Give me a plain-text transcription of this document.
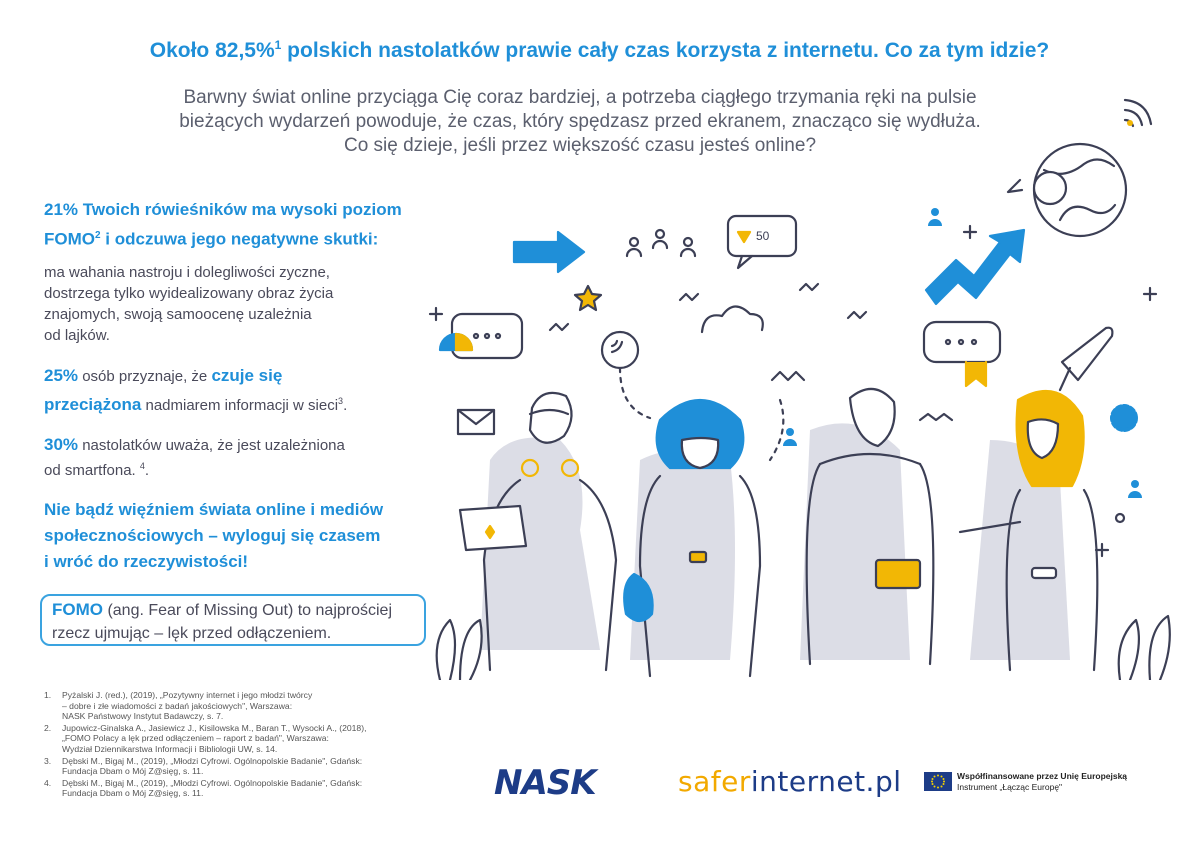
Około 82,5%$^1$ polskich nastolatków prawie cały czas korzysta z internetu. Co za tym idzie?
Barwny świat online przyciąga Cię coraz bardziej, a potrzeba ciągłego trzymania ręki na pulsie
bieżących wydarzeń powoduje, że czas, który spędzasz przed ekranem, znacząco się wydłuża.
Co się dzieje, jeśli przez większość czasu jesteś online?
21% Twoich rówieśników ma wysoki poziom
FOMO$^2$ i odczuwa jego negatywne skutki:
ma wahania nastroju i dolegliwości zyczne,
dostrzega tylko wyidealizowany obraz życia
znajomych, swoją samoocenę uzależnia
od lajków.
25% osób przyznaje, że czuje się
przeciążona nadmiarem informacji w sieci$^3$.
30% nastolatków uważa, że jest uzależniona
od smartfona. $^4$.
Nie bądź więźniem świata online i mediów
społecznościowych – wyloguj się czasem
i wróć do rzeczywistości!
FOMO (ang. Fear of Missing Out) to najprościej
rzecz ujmując – lęk przed odłączeniem.
1.	Pyżalski J. (red.), (2019), „Pozytywny internet i jego młodzi twórcy
– dobre i złe wiadomości z badań jakościowych", Warszawa:
NASK Państwowy Instytut Badawczy, s. 7.
2.	Jupowicz-Ginalska A., Jasiewicz J., Kisilowska M., Baran T., Wysocki A., (2018),
„FOMO Polacy a lęk przed odłączeniem – raport z badań", Warszawa:
Wydział Dziennikarstwa Informacji i Bibliologii UW, s. 14.
3.	Dębski M., Bigaj M., (2019), „Młodzi Cyfrowi. Ogólnopolskie Badanie", Gdańsk:
Fundacja Dbam o Mój Z@sięg, s. 11.
4.	Dębski M., Bigaj M., (2019), „Młodzi Cyfrowi. Ogólnopolskie Badanie", Gdańsk:
Fundacja Dbam o Mój Z@sięg, s. 11.	NASK	saferinternet.pl	Współfinansowane przez Unię Europejską
Instrument „Łącząc Europę"
50
